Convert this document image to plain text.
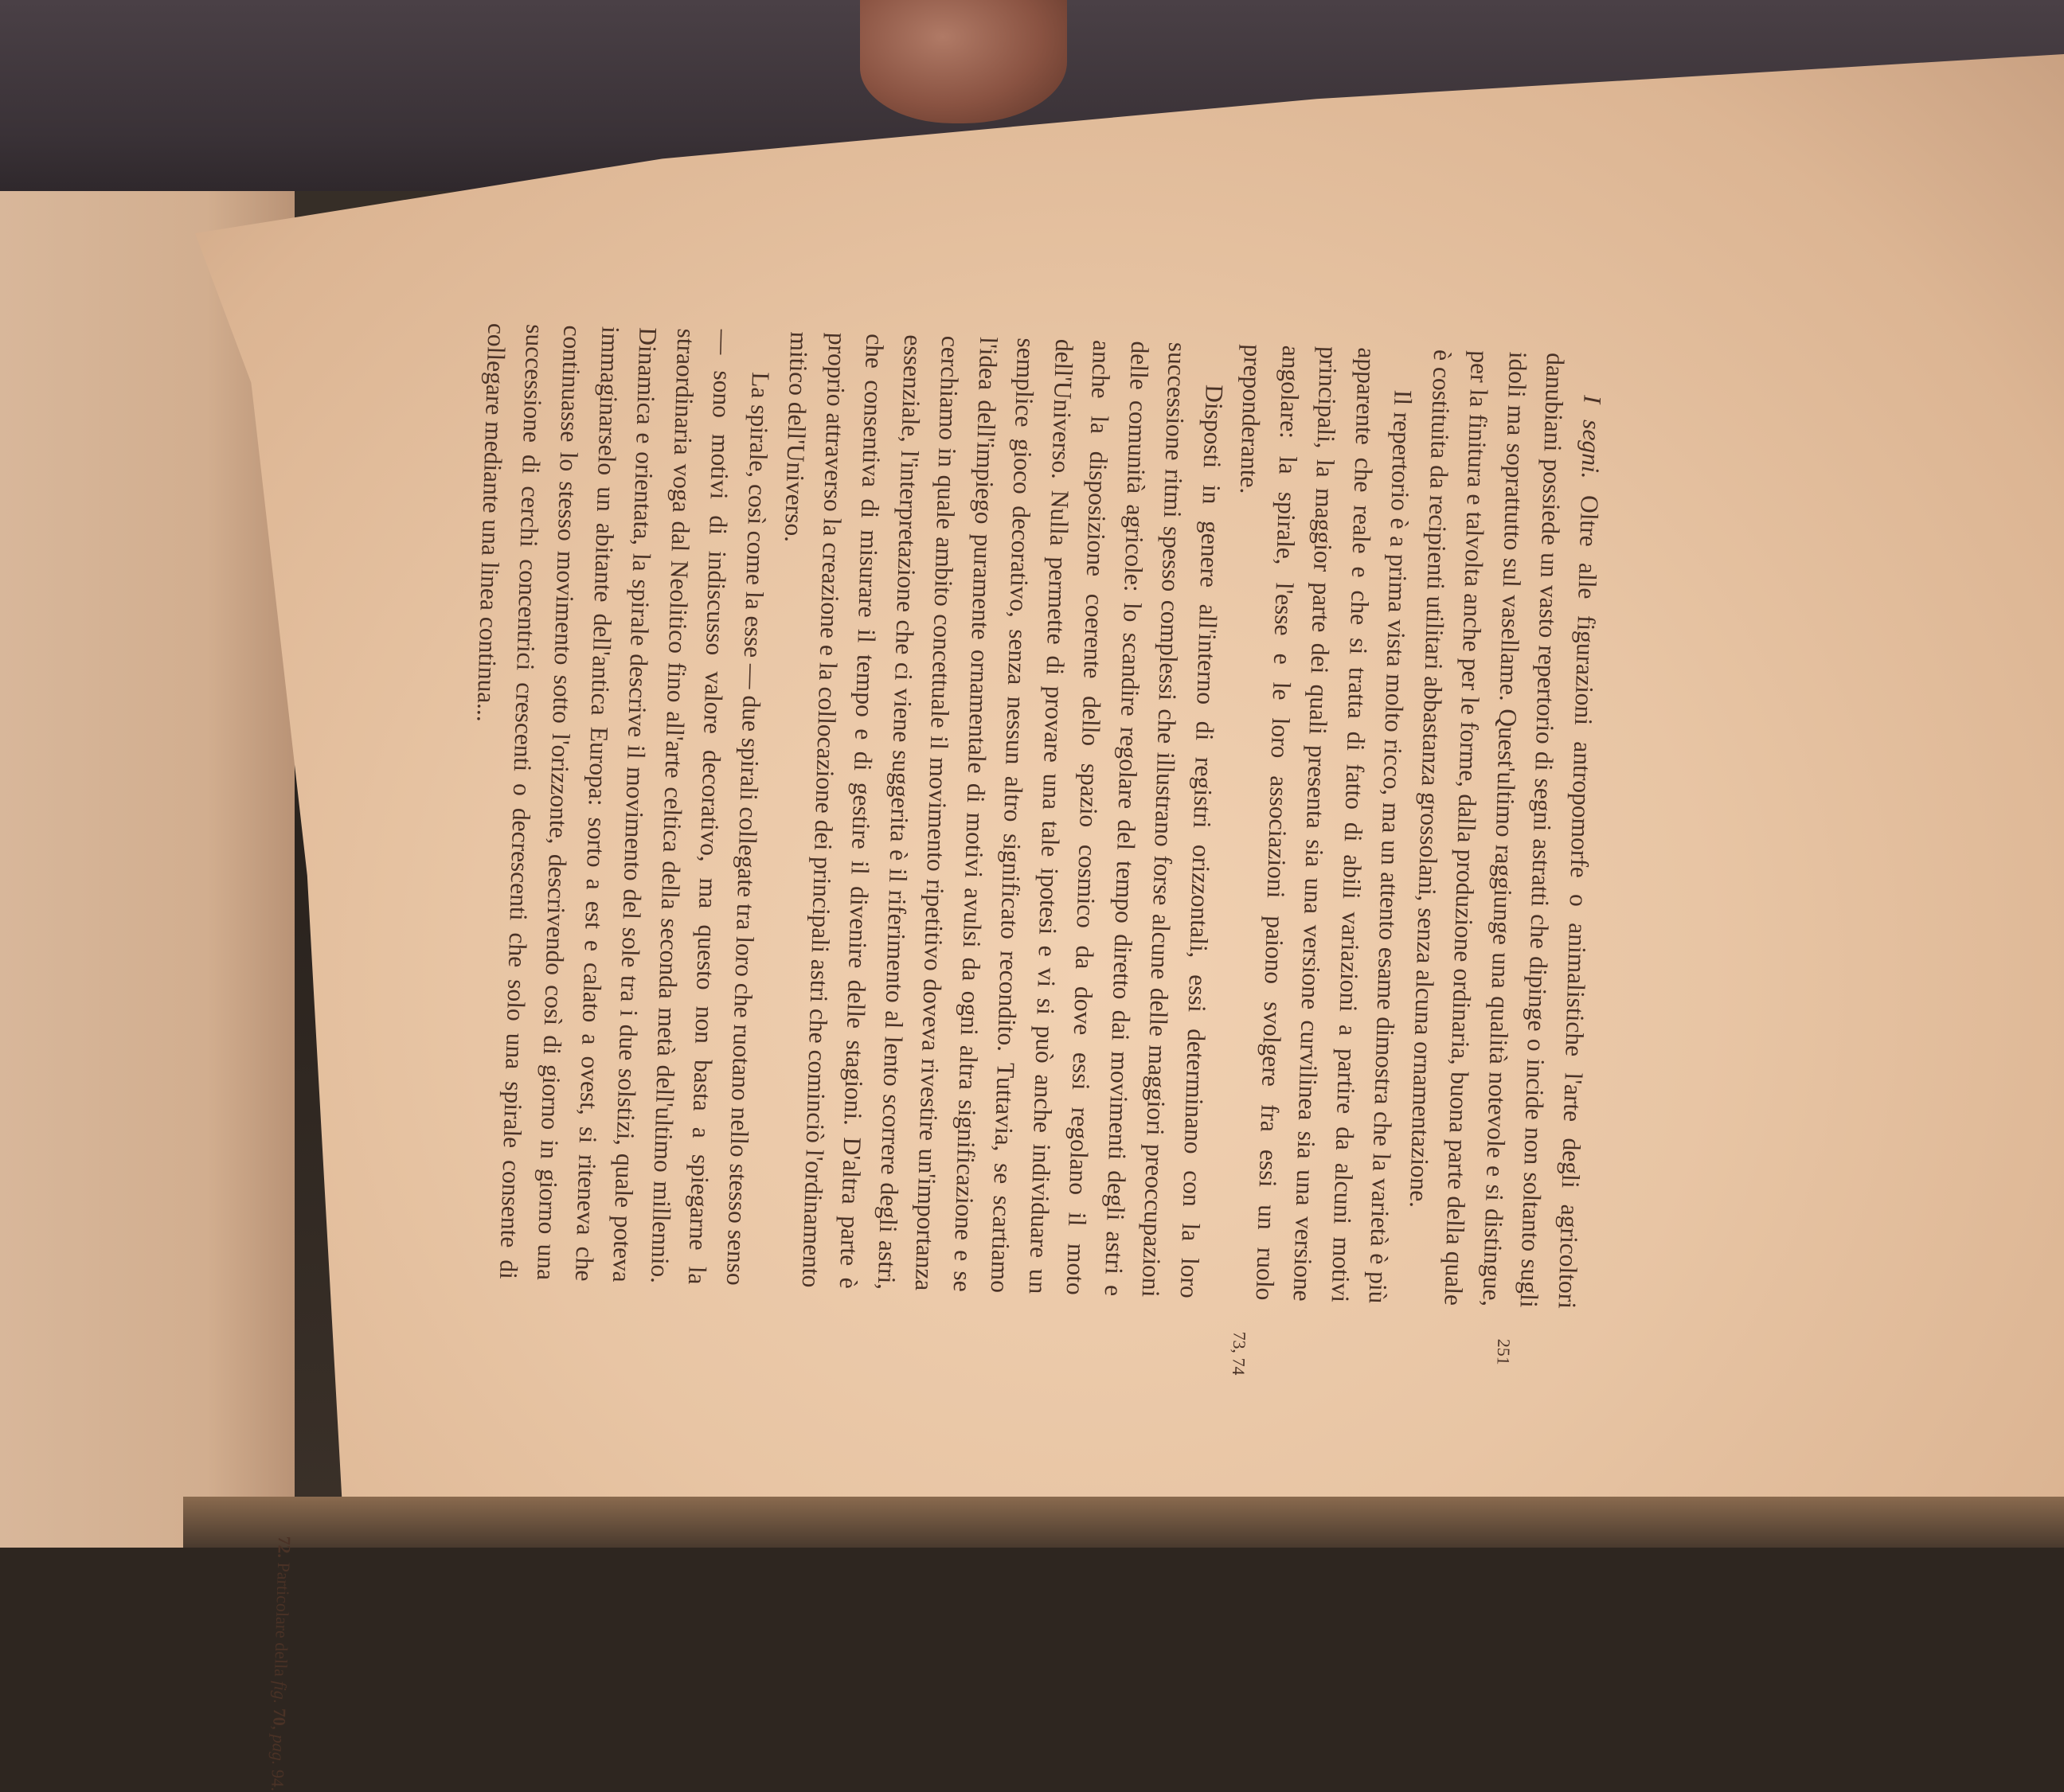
251
73, 74

I segni. Oltre alle figurazioni antropomorfe o animalistiche l'arte degli agricoltori danubiani possiede un vasto repertorio di segni astratti che dipinge o incide non soltanto sugli idoli ma soprattutto sul vasellame. Quest'ultimo raggiunge una qualità notevole e si distingue, per la finitura e talvolta anche per le forme, dalla produzione ordinaria, buona parte della quale è costituita da recipienti utilitari abbastanza grossolani, senza alcuna ornamentazione.

Il repertorio è a prima vista molto ricco, ma un attento esame dimostra che la varietà è più apparente che reale e che si tratta di fatto di abili variazioni a partire da alcuni motivi principali, la maggior parte dei quali presenta sia una versione curvilinea sia una versione angolare: la spirale, l'esse e le loro associazioni paiono svolgere fra essi un ruolo preponderante.

Disposti in genere all'interno di registri orizzontali, essi determinano con la loro successione ritmi spesso complessi che illustrano forse alcune delle maggiori preoccupazioni delle comunità agricole: lo scandire regolare del tempo diretto dai movimenti degli astri e anche la disposizione coerente dello spazio cosmico da dove essi regolano il moto dell'Universo. Nulla permette di provare una tale ipotesi e vi si può anche individuare un semplice gioco decorativo, senza nessun altro significato recondito. Tuttavia, se scartiamo l'idea dell'impiego puramente ornamentale di motivi avulsi da ogni altra significazione e se cerchiamo in quale ambito concettuale il movimento ripetitivo doveva rivestire un'importanza essenziale, l'interpretazione che ci viene suggerita è il riferimento al lento scorrere degli astri, che consentiva di misurare il tempo e di gestire il divenire delle stagioni. D'altra parte è proprio attraverso la creazione e la collocazione dei principali astri che cominciò l'ordinamento mitico dell'Universo.

La spirale, così come la esse — due spirali collegate tra loro che ruotano nello stesso senso — sono motivi di indiscusso valore decorativo, ma questo non basta a spiegarne la straordinaria voga dal Neolitico fino all'arte celtica della seconda metà dell'ultimo millennio. Dinamica e orientata, la spirale descrive il movimento del sole tra i due solstizi, quale poteva immaginarselo un abitante dell'antica Europa: sorto a est e calato a ovest, si riteneva che continuasse lo stesso movimento sotto l'orizzonte, descrivendo così di giorno in giorno una successione di cerchi concentrici crescenti o decrescenti che solo una spirale consente di collegare mediante una linea continua...

72. Particolare della fig. 70, pag. 94.
